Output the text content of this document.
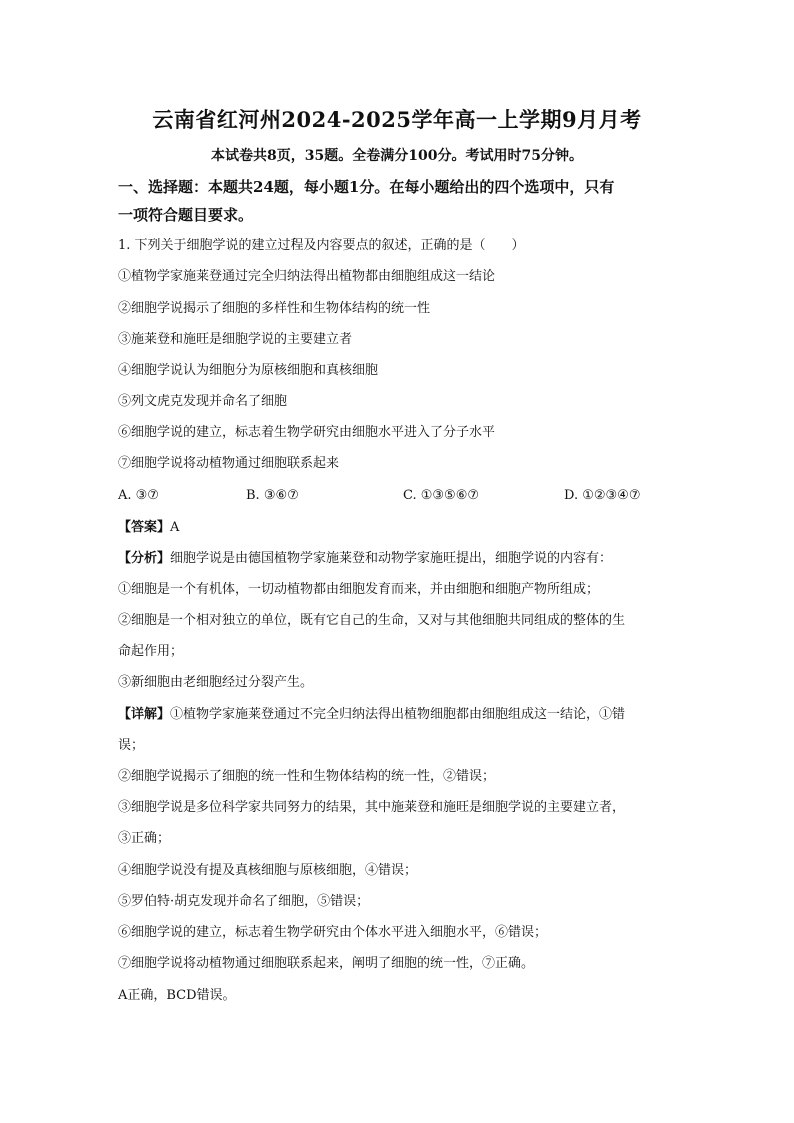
云南省红河州2024-2025学年高一上学期9月月考
本试卷共8页，35题。全卷满分100分。考试用时75分钟。
一、选择题：本题共24题，每小题1分。在每小题给出的四个选项中，只有
一项符合题目要求。
1. 下列关于细胞学说的建立过程及内容要点的叙述，正确的是（　　）
①植物学家施莱登通过完全归纳法得出植物都由细胞组成这一结论
②细胞学说揭示了细胞的多样性和生物体结构的统一性
③施莱登和施旺是细胞学说的主要建立者
④细胞学说认为细胞分为原核细胞和真核细胞
⑤列文虎克发现并命名了细胞
⑥细胞学说的建立，标志着生物学研究由细胞水平进入了分子水平
⑦细胞学说将动植物通过细胞联系起来
A. ③⑦	B. ③⑥⑦	C. ①③⑤⑥⑦	D. ①②③④⑦
【答案】A
【分析】细胞学说是由德国植物学家施莱登和动物学家施旺提出，细胞学说的内容有：
①细胞是一个有机体，一切动植物都由细胞发育而来，并由细胞和细胞产物所组成；
②细胞是一个相对独立的单位，既有它自己的生命，又对与其他细胞共同组成的整体的生
命起作用；
③新细胞由老细胞经过分裂产生。
【详解】①植物学家施莱登通过不完全归纳法得出植物细胞都由细胞组成这一结论，①错
误；
②细胞学说揭示了细胞的统一性和生物体结构的统一性，②错误；
③细胞学说是多位科学家共同努力的结果，其中施莱登和施旺是细胞学说的主要建立者，
③正确；
④细胞学说没有提及真核细胞与原核细胞，④错误；
⑤罗伯特·胡克发现并命名了细胞，⑤错误；
⑥细胞学说的建立，标志着生物学研究由个体水平进入细胞水平，⑥错误；
⑦细胞学说将动植物通过细胞联系起来，阐明了细胞的统一性，⑦正确。
A正确，BCD错误。
